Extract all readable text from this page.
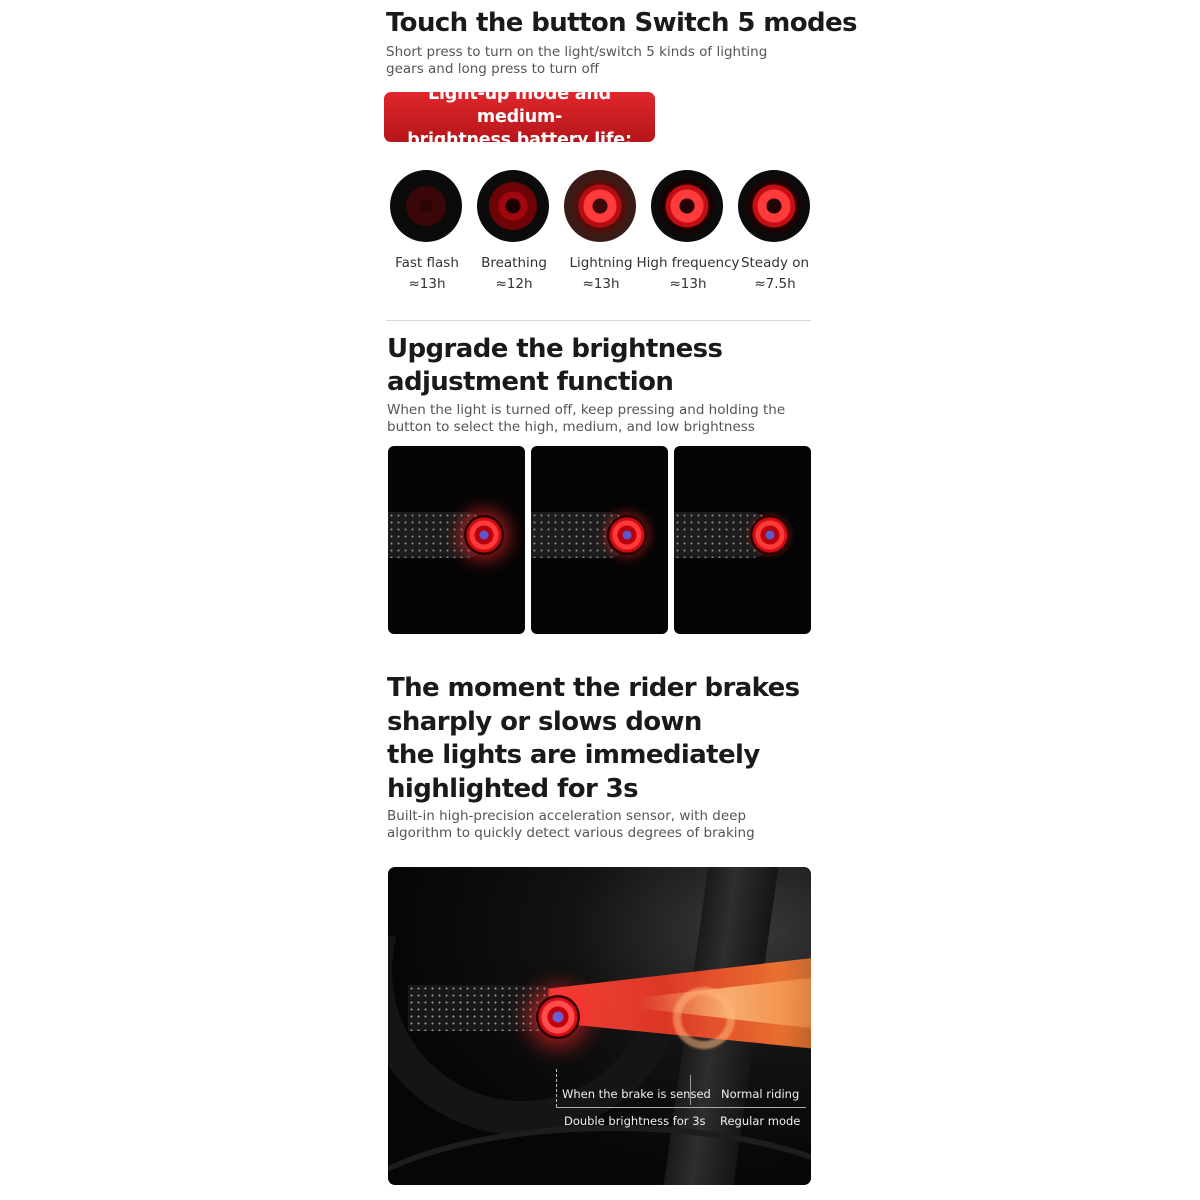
Touch the button Switch 5 modes
Short press to turn on the light/switch 5 kinds of lighting gears and long press to turn off
Light-up mode and medium-
brightness battery life:
Fast flash
≈13h
Breathing
≈12h
Lightning
≈13h
High frequency
≈13h
Steady on
≈7.5h
Upgrade the brightness
adjustment function
When the light is turned off, keep pressing and holding the button to select the high, medium, and low brightness
The moment the rider brakes
sharply or slows down
the lights are immediately
highlighted for 3s
Built-in high-precision acceleration sensor, with deep algorithm to quickly detect various degrees of braking
When the brake is sensed
Double brightness for 3s
Normal riding
Regular mode
